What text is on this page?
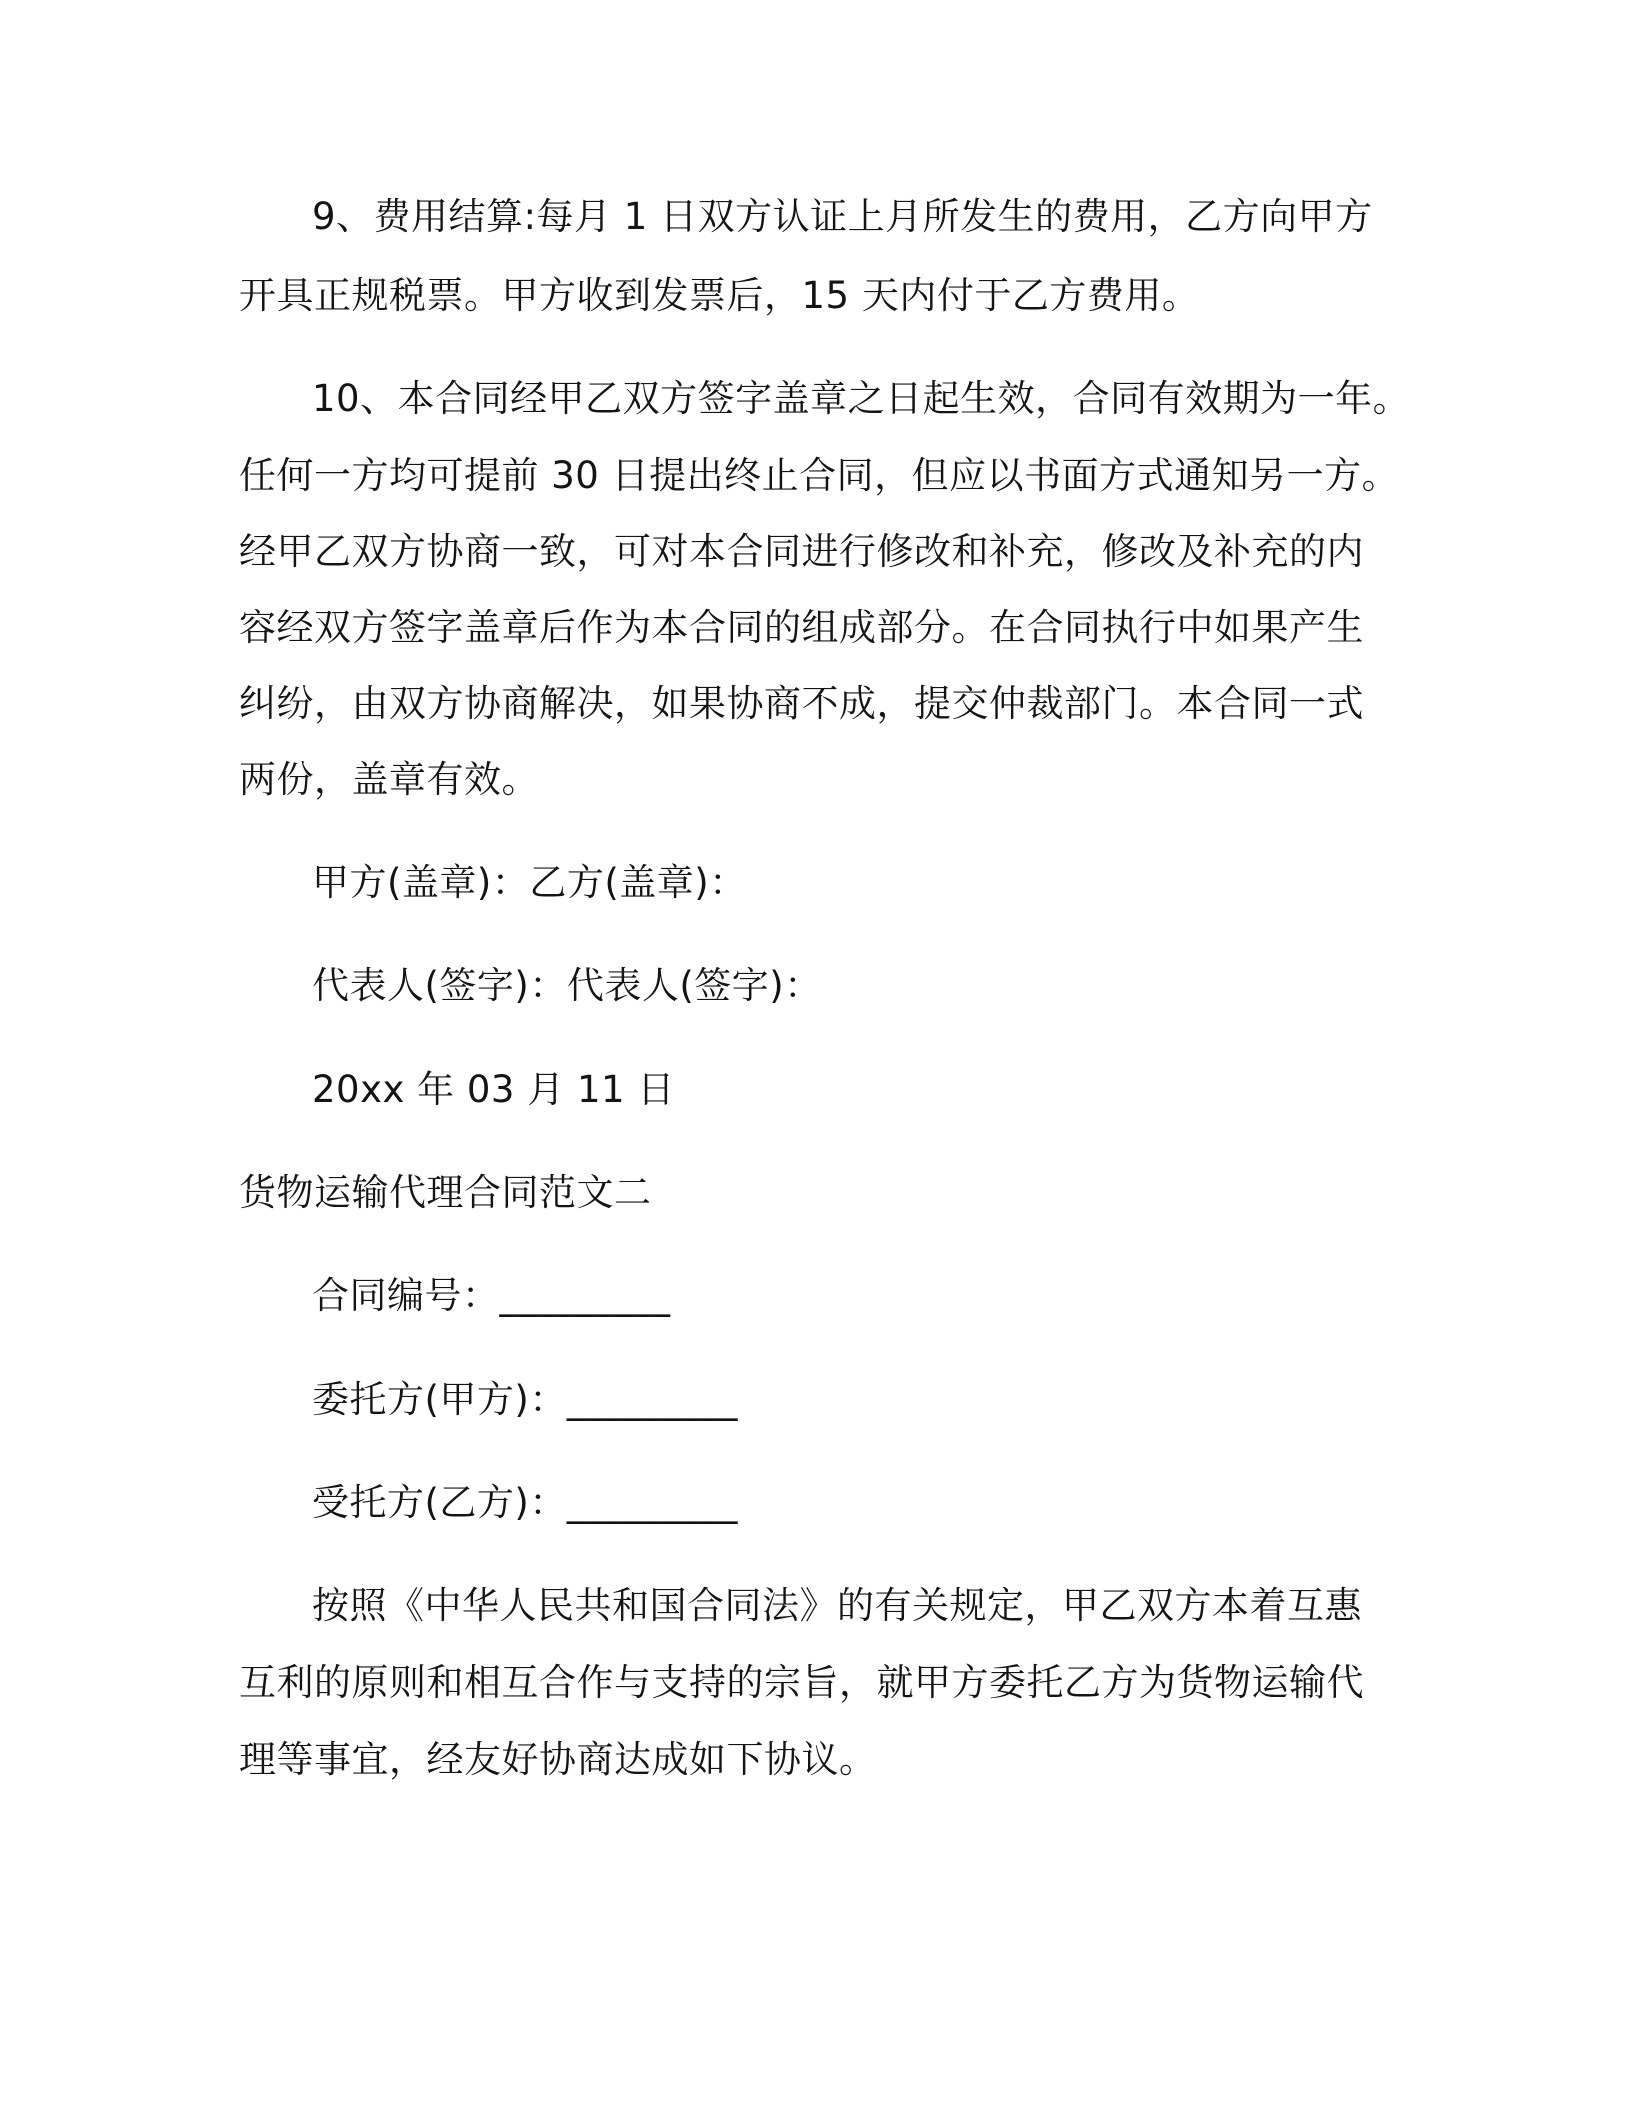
9、费用结算:每月 1 日双方认证上月所发生的费用，乙方向甲方
开具正规税票。甲方收到发票后，15 天内付于乙方费用。
10、本合同经甲乙双方签字盖章之日起生效，合同有效期为一年。
任何一方均可提前 30 日提出终止合同，但应以书面方式通知另一方。
经甲乙双方协商一致，可对本合同进行修改和补充，修改及补充的内
容经双方签字盖章后作为本合同的组成部分。在合同执行中如果产生
纠纷，由双方协商解决，如果协商不成，提交仲裁部门。本合同一式
两份，盖章有效。
甲方(盖章)：乙方(盖章)：
代表人(签字)：代表人(签字)：
20xx 年 03 月 11 日
货物运输代理合同范文二
合同编号：_________
委托方(甲方)：_________
受托方(乙方)：_________
按照《中华人民共和国合同法》的有关规定，甲乙双方本着互惠
互利的原则和相互合作与支持的宗旨，就甲方委托乙方为货物运输代
理等事宜，经友好协商达成如下协议。
